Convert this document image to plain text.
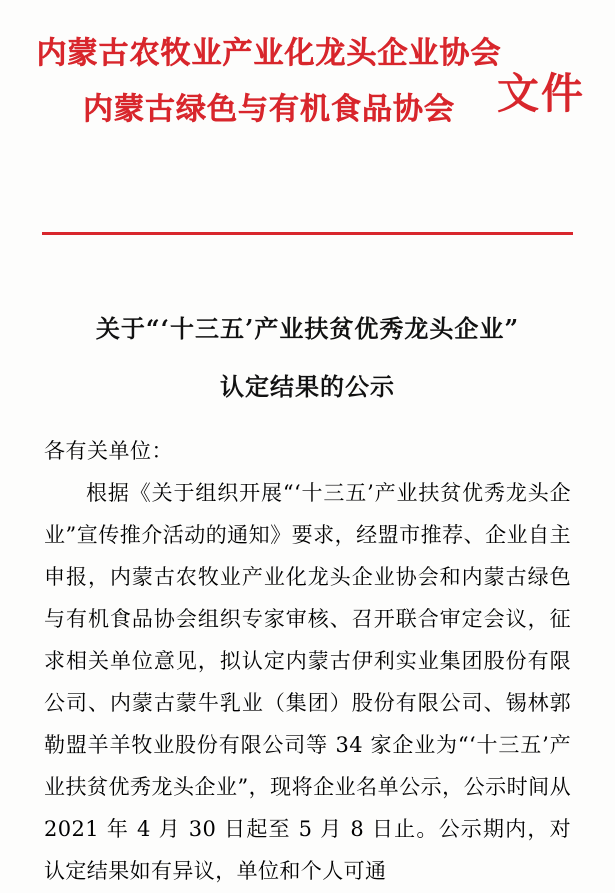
内蒙古农牧业产业化龙头企业协会
内蒙古绿色与有机食品协会 文件
关于“‘十三五’产业扶贫优秀龙头企业”
认定结果的公示
各有关单位：

根据《关于组织开展“‘十三五’产业扶贫优秀龙头企业”宣传推介活动的通知》要求，经盟市推荐、企业自主申报，内蒙古农牧业产业化龙头企业协会和内蒙古绿色与有机食品协会组织专家审核、召开联合审定会议，征求相关单位意见，拟认定内蒙古伊利实业集团股份有限公司、内蒙古蒙牛乳业（集团）股份有限公司、锡林郭勒盟羊羊牧业股份有限公司等 34 家企业为“‘十三五’产业扶贫优秀龙头企业”，现将企业名单公示，公示时间从 2021 年 4 月 30 日起至 5 月 8 日止。公示期内，对认定结果如有异议，单位和个人可通
